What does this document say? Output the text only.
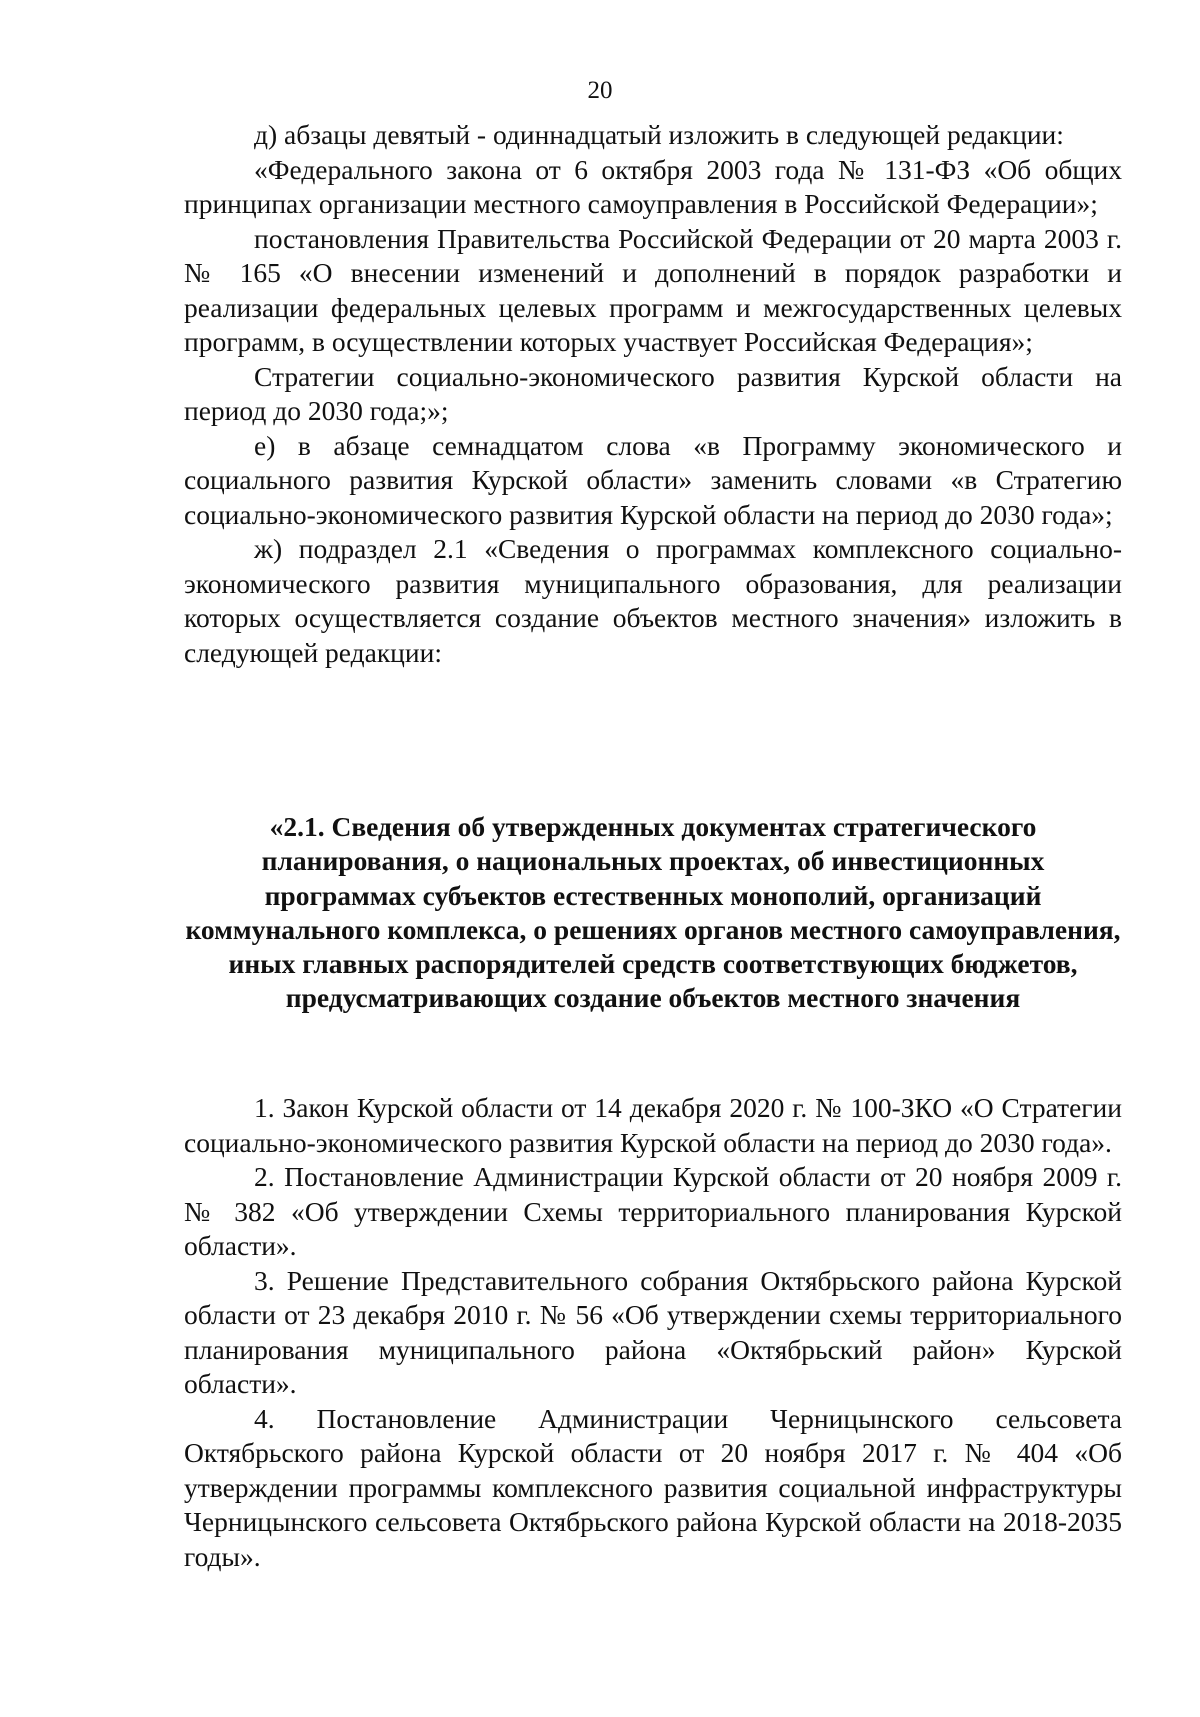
20

д) абзацы девятый - одиннадцатый изложить в следующей редакции:

«Федерального закона от 6 октября 2003 года № 131-ФЗ «Об общих принципах организации местного самоуправления в Российской Федерации»;

постановления Правительства Российской Федерации от 20 марта 2003 г. № 165 «О внесении изменений и дополнений в порядок разработки и реализации федеральных целевых программ и межгосударственных целевых программ, в осуществлении которых участвует Российская Федерация»;

Стратегии социально-экономического развития Курской области на период до 2030 года;»;

е) в абзаце семнадцатом слова «в Программу экономического и социального развития Курской области» заменить словами «в Стратегию социально-экономического развития Курской области на период до 2030 года»;

ж) подраздел 2.1 «Сведения о программах комплексного социально-экономического развития муниципального образования, для реализации которых осуществляется создание объектов местного значения» изложить в следующей редакции:

«2.1. Сведения об утвержденных документах стратегического планирования, о национальных проектах, об инвестиционных программах субъектов естественных монополий, организаций коммунального комплекса, о решениях органов местного самоуправления, иных главных распорядителей средств соответствующих бюджетов, предусматривающих создание объектов местного значения

1. Закон Курской области от 14 декабря 2020 г. № 100-ЗКО «О Стратегии социально-экономического развития Курской области на период до 2030 года».

2. Постановление Администрации Курской области от 20 ноября 2009 г. № 382 «Об утверждении Схемы территориального планирования Курской области».

3. Решение Представительного собрания Октябрьского района Курской области от 23 декабря 2010 г. № 56 «Об утверждении схемы территориального планирования муниципального района «Октябрьский район» Курской области».

4. Постановление Администрации Черницынского сельсовета Октябрьского района Курской области от 20 ноября 2017 г. № 404 «Об утверждении программы комплексного развития социальной инфраструктуры Черницынского сельсовета Октябрьского района Курской области на 2018-2035 годы».
